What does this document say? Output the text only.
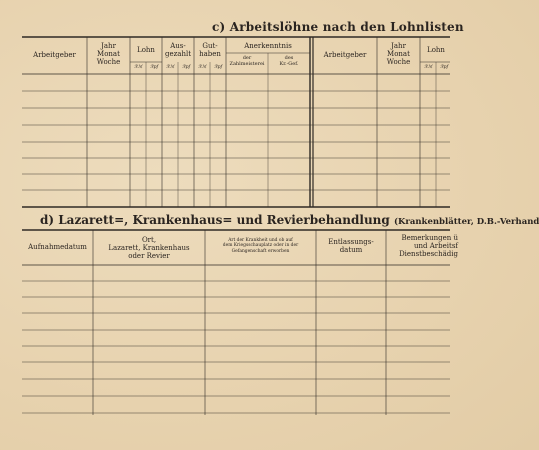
c) Arbeitslöhne nach den Lohnlisten
Arbeitgeber
Jahr
Monat
Woche
Lohn	Aus-
gezahlt
Gut-
haben
Anerkenntnis
der
Zahlmeisterei
des
Kr.-Gef.
ℛℳ ℛpf ℛℳ ℛpf ℛℳ ℛpf	ℛℳ ℛpf
Arbeitgeber
Jahr
Monat
Woche
Lohn
d) Lazarett=, Krankenhaus= und Revierbehandlung (Krankenblätter, D.B.-Verhand
Aufnahmedatum
Ort,
Lazarett, Krankenhaus
oder Revier
Art der Krankheit und ob auf
dem Kriegsschauplatz oder in der
Gefangenschaft erworben
Entlassungs-
datum
Bemerkungen ü
und Arbeitsf
Dienstbeschädig
